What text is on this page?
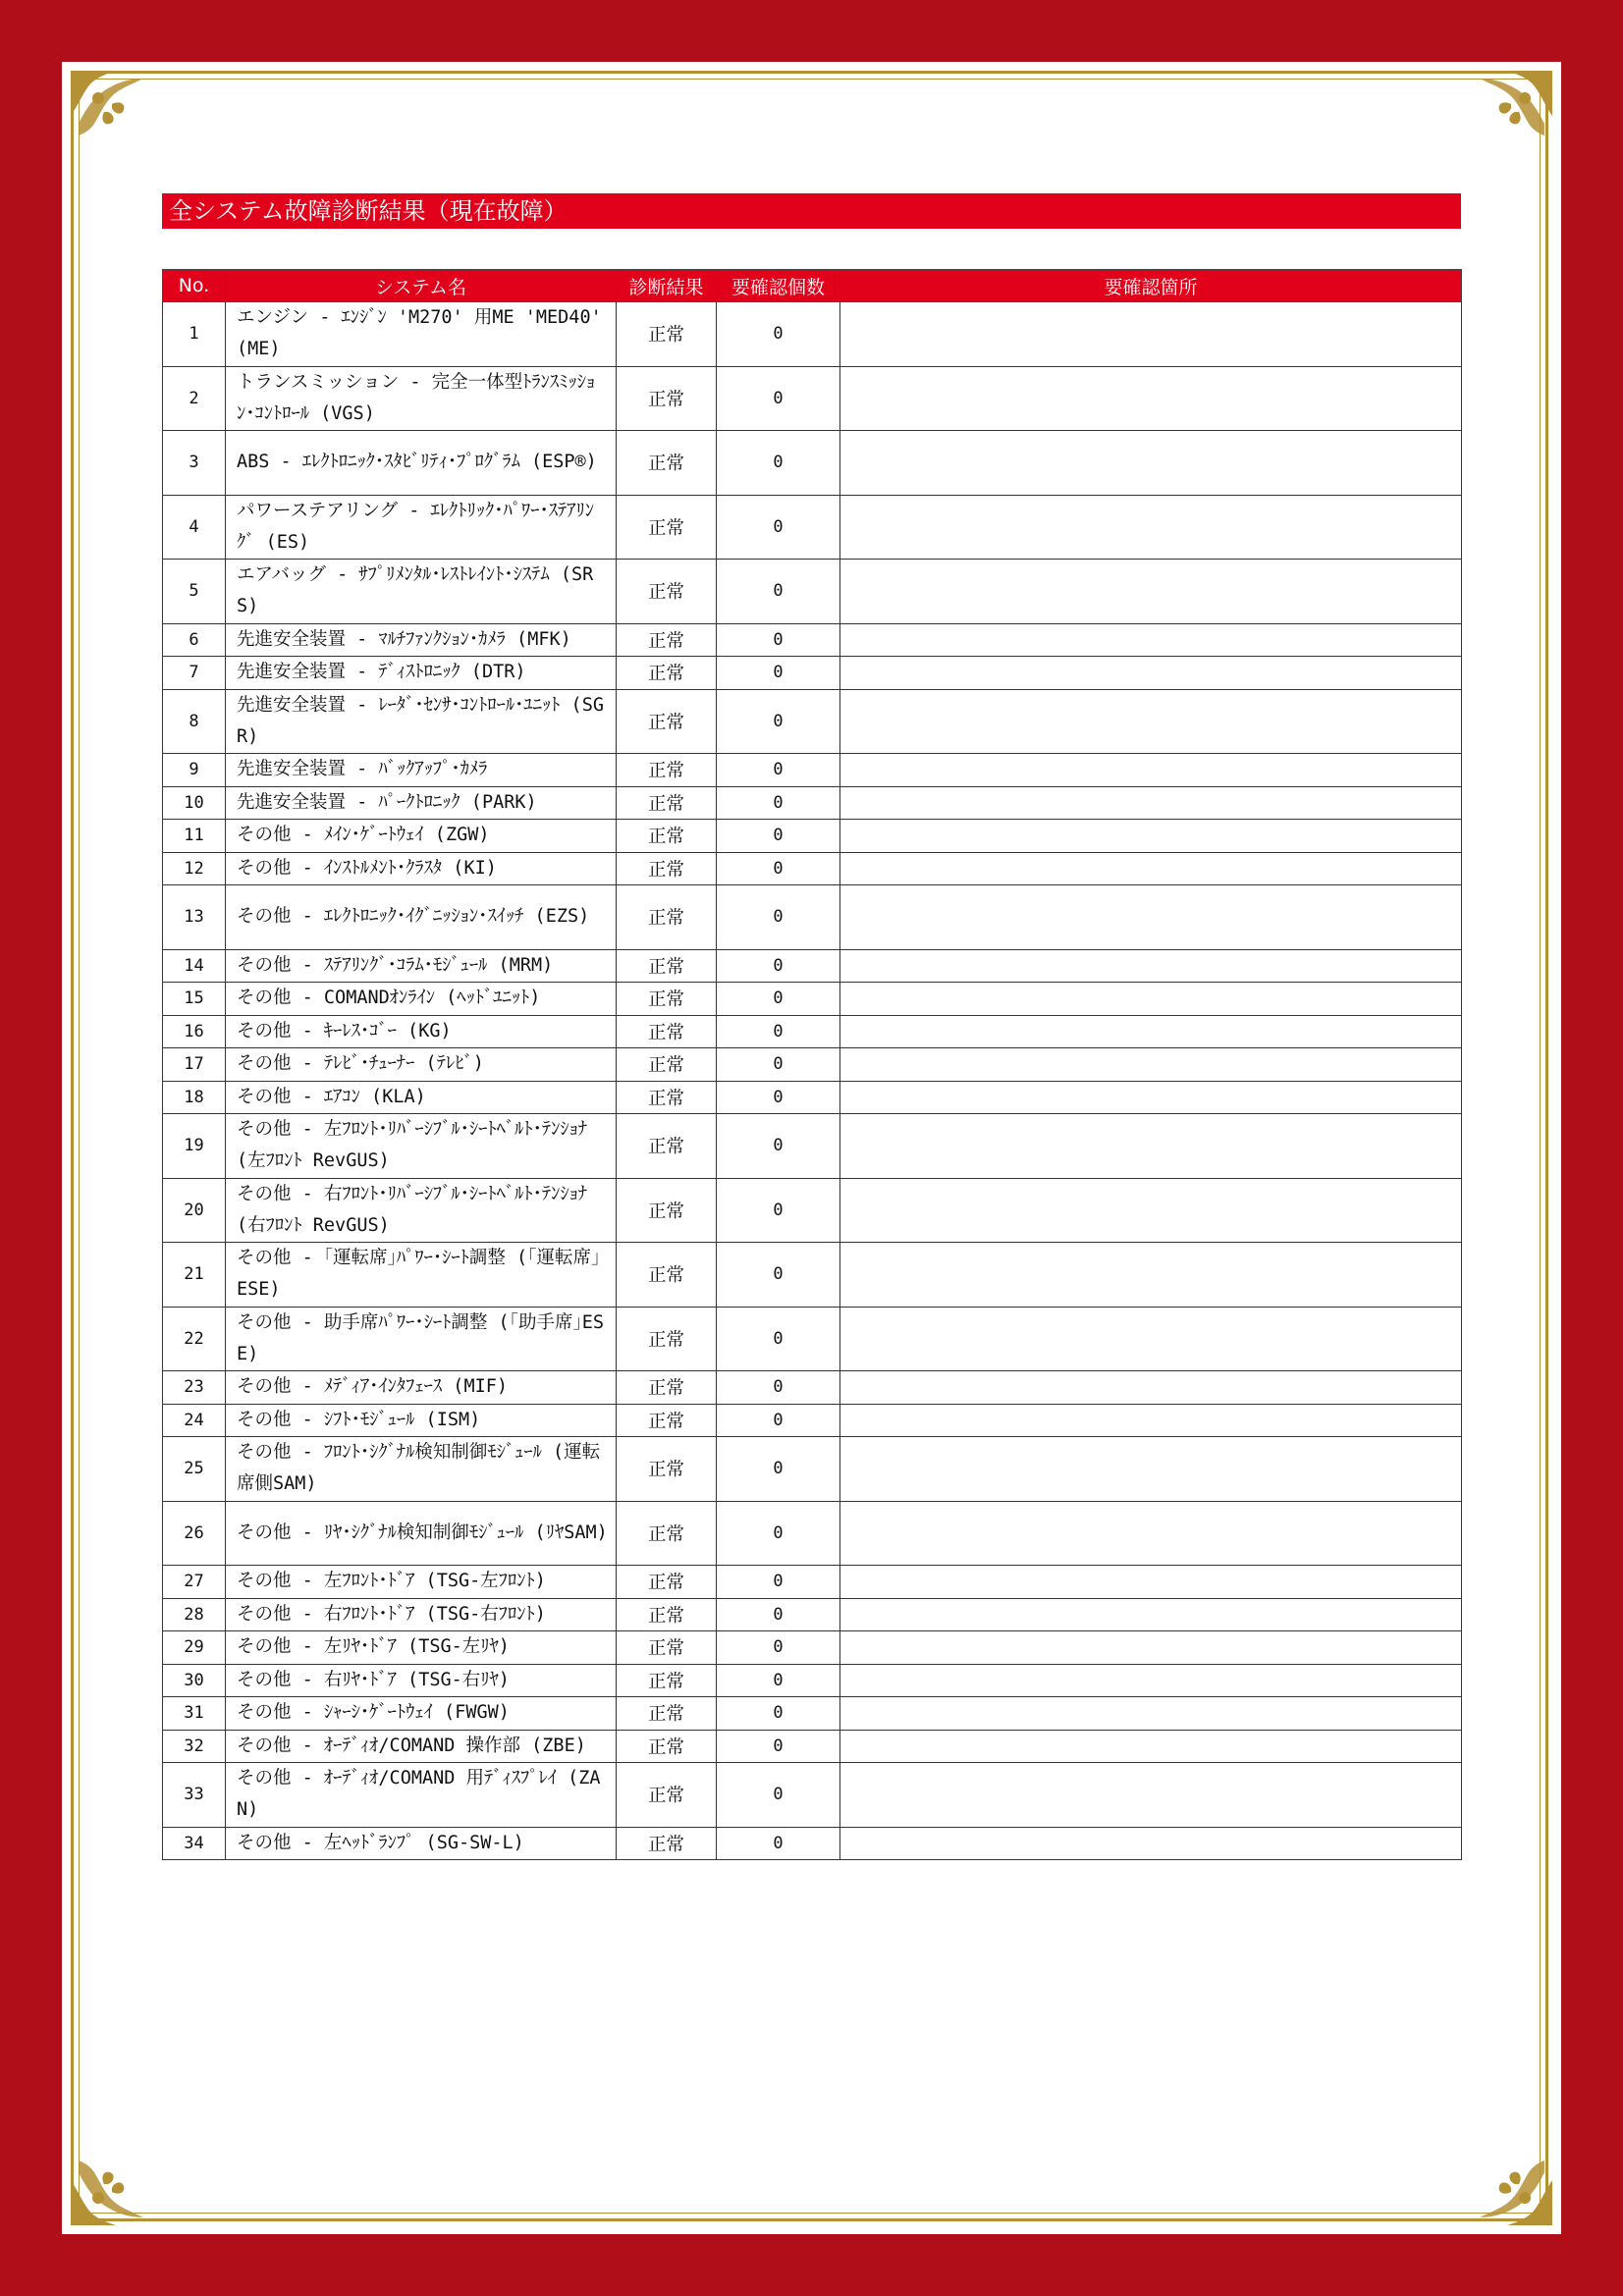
全システム故障診断結果（現在故障）
No.	システム名	診断結果	要確認個数	要確認箇所
1	エンジン - ｴﾝｼﾞﾝ 'M270' 用ME 'MED40' (ME)	正常	0	
2	トランスミッション - 完全一体型ﾄﾗﾝｽﾐｯｼｮﾝ･ｺﾝﾄﾛｰﾙ (VGS)	正常	0	
3	ABS - ｴﾚｸﾄﾛﾆｯｸ･ｽﾀﾋﾞﾘﾃｨ･ﾌﾟﾛｸﾞﾗﾑ (ESP®)	正常	0	
4	パワーステアリング - ｴﾚｸﾄﾘｯｸ･ﾊﾟﾜｰ･ｽﾃｱﾘﾝｸﾞ (ES)	正常	0	
5	エアバッグ - ｻﾌﾟﾘﾒﾝﾀﾙ･ﾚｽﾄﾚｲﾝﾄ･ｼｽﾃﾑ (SRS)	正常	0	
6	先進安全装置 - ﾏﾙﾁﾌｧﾝｸｼｮﾝ･ｶﾒﾗ (MFK)	正常	0	
7	先進安全装置 - ﾃﾞｨｽﾄﾛﾆｯｸ (DTR)	正常	0	
8	先進安全装置 - ﾚｰﾀﾞ･ｾﾝｻ･ｺﾝﾄﾛｰﾙ･ﾕﾆｯﾄ (SGR)	正常	0	
9	先進安全装置 - ﾊﾞｯｸｱｯﾌﾟ･ｶﾒﾗ	正常	0	
10	先進安全装置 - ﾊﾟｰｸﾄﾛﾆｯｸ (PARK)	正常	0	
11	その他 - ﾒｲﾝ･ｹﾞｰﾄｳｪｲ (ZGW)	正常	0	
12	その他 - ｲﾝｽﾄﾙﾒﾝﾄ･ｸﾗｽﾀ (KI)	正常	0	
13	その他 - ｴﾚｸﾄﾛﾆｯｸ･ｲｸﾞﾆｯｼｮﾝ･ｽｲｯﾁ (EZS)	正常	0	
14	その他 - ｽﾃｱﾘﾝｸﾞ･ｺﾗﾑ･ﾓｼﾞｭｰﾙ (MRM)	正常	0	
15	その他 - COMANDｵﾝﾗｲﾝ (ﾍｯﾄﾞﾕﾆｯﾄ)	正常	0	
16	その他 - ｷｰﾚｽ･ｺﾞｰ (KG)	正常	0	
17	その他 - ﾃﾚﾋﾞ･ﾁｭｰﾅｰ (ﾃﾚﾋﾞ)	正常	0	
18	その他 - ｴｱｺﾝ (KLA)	正常	0	
19	その他 - 左ﾌﾛﾝﾄ･ﾘﾊﾞｰｼﾌﾞﾙ･ｼｰﾄﾍﾞﾙﾄ･ﾃﾝｼｮﾅ (左ﾌﾛﾝﾄ RevGUS)	正常	0	
20	その他 - 右ﾌﾛﾝﾄ･ﾘﾊﾞｰｼﾌﾞﾙ･ｼｰﾄﾍﾞﾙﾄ･ﾃﾝｼｮﾅ (右ﾌﾛﾝﾄ RevGUS)	正常	0	
21	その他 - ｢運転席｣ﾊﾟﾜｰ･ｼｰﾄ調整 (｢運転席｣ESE)	正常	0	
22	その他 - 助手席ﾊﾟﾜｰ･ｼｰﾄ調整 (｢助手席｣ESE)	正常	0	
23	その他 - ﾒﾃﾞｨｱ･ｲﾝﾀﾌｪｰｽ (MIF)	正常	0	
24	その他 - ｼﾌﾄ･ﾓｼﾞｭｰﾙ (ISM)	正常	0	
25	その他 - ﾌﾛﾝﾄ･ｼｸﾞﾅﾙ検知制御ﾓｼﾞｭｰﾙ (運転席側SAM)	正常	0	
26	その他 - ﾘﾔ･ｼｸﾞﾅﾙ検知制御ﾓｼﾞｭｰﾙ (ﾘﾔSAM)	正常	0	
27	その他 - 左ﾌﾛﾝﾄ･ﾄﾞｱ (TSG-左ﾌﾛﾝﾄ)	正常	0	
28	その他 - 右ﾌﾛﾝﾄ･ﾄﾞｱ (TSG-右ﾌﾛﾝﾄ)	正常	0	
29	その他 - 左ﾘﾔ･ﾄﾞｱ (TSG-左ﾘﾔ)	正常	0	
30	その他 - 右ﾘﾔ･ﾄﾞｱ (TSG-右ﾘﾔ)	正常	0	
31	その他 - ｼｬｰｼ･ｹﾞｰﾄｳｪｲ (FWGW)	正常	0	
32	その他 - ｵｰﾃﾞｨｵ/COMAND 操作部 (ZBE)	正常	0	
33	その他 - ｵｰﾃﾞｨｵ/COMAND 用ﾃﾞｨｽﾌﾟﾚｲ (ZAN)	正常	0	
34	その他 - 左ﾍｯﾄﾞﾗﾝﾌﾟ (SG-SW-L)	正常	0	
